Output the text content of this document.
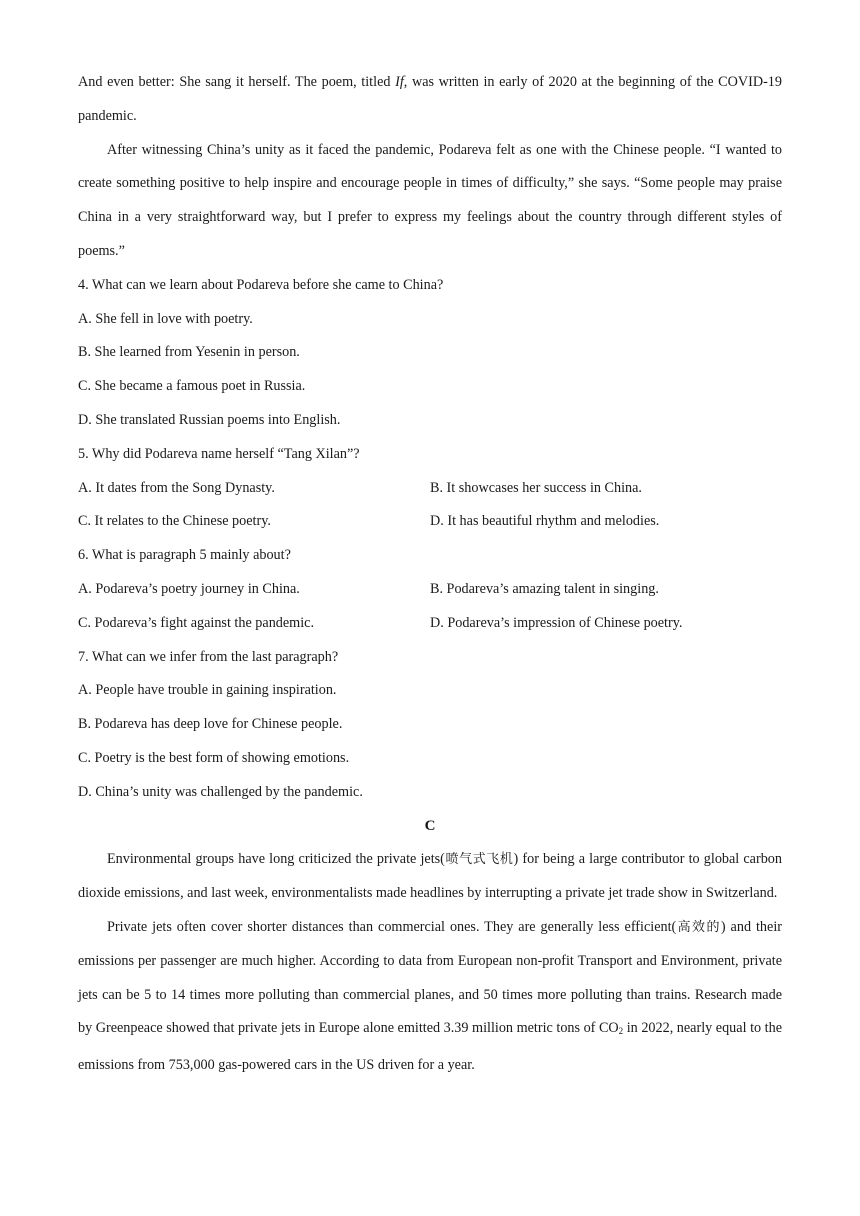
And even better: She sang it herself. The poem, titled If, was written in early of 2020 at the beginning of the COVID-19 pandemic.

After witnessing China’s unity as it faced the pandemic, Podareva felt as one with the Chinese people. “I wanted to create something positive to help inspire and encourage people in times of difficulty,” she says. “Some people may praise China in a very straightforward way, but I prefer to express my feelings about the country through different styles of poems.”

4. What can we learn about Podareva before she came to China?

A. She fell in love with poetry.

B. She learned from Yesenin in person.

C. She became a famous poet in Russia.

D. She translated Russian poems into English.

5. Why did Podareva name herself “Tang Xilan”?

A. It dates from the Song Dynasty.	B. It showcases her success in China.
C. It relates to the Chinese poetry.	D. It has beautiful rhythm and melodies.

6. What is paragraph 5 mainly about?

A. Podareva’s poetry journey in China.	B. Podareva’s amazing talent in singing.
C. Podareva’s fight against the pandemic.	D. Podareva’s impression of Chinese poetry.

7. What can we infer from the last paragraph?

A. People have trouble in gaining inspiration.

B. Podareva has deep love for Chinese people.

C. Poetry is the best form of showing emotions.

D. China’s unity was challenged by the pandemic.

C

Environmental groups have long criticized the private jets(喷气式飞机) for being a large contributor to global carbon dioxide emissions, and last week, environmentalists made headlines by interrupting a private jet trade show in Switzerland.

Private jets often cover shorter distances than commercial ones. They are generally less efficient(高效的) and their emissions per passenger are much higher. According to data from European non-profit Transport and Environment, private jets can be 5 to 14 times more polluting than commercial planes, and 50 times more polluting than trains. Research made by Greenpeace showed that private jets in Europe alone emitted 3.39 million metric tons of $CO_2$ in 2022, nearly equal to the emissions from 753,000 gas-powered cars in the US driven for a year.
